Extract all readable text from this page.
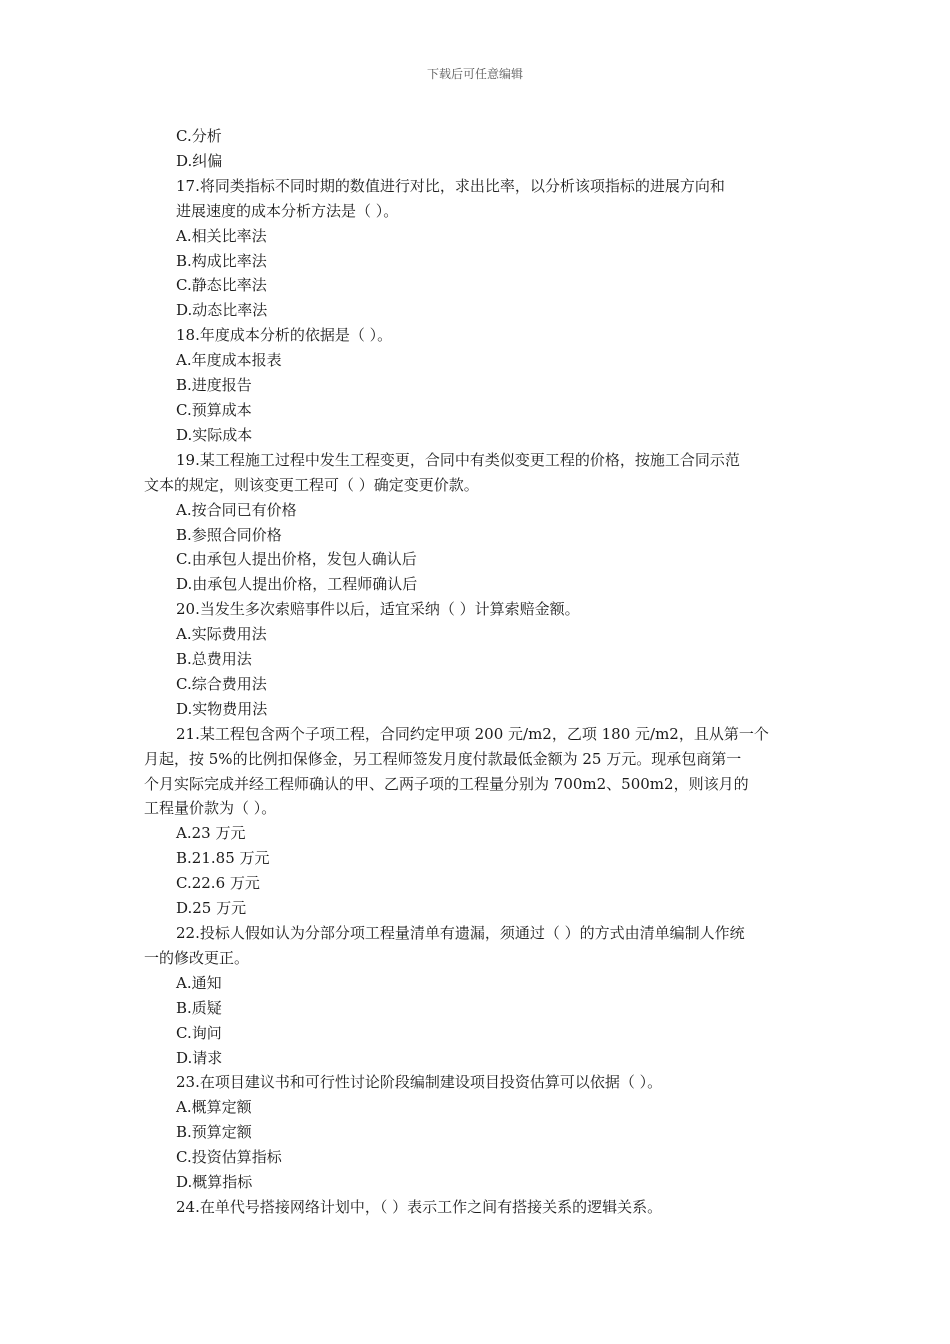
下载后可任意编辑
C.分析
D.纠偏
17.将同类指标不同时期的数值进行对比，求出比率，以分析该项指标的进展方向和
进展速度的成本分析方法是（ ）。
A.相关比率法
B.构成比率法
C.静态比率法
D.动态比率法
18.年度成本分析的依据是（ ）。
A.年度成本报表
B.进度报告
C.预算成本
D.实际成本
19.某工程施工过程中发生工程变更，合同中有类似变更工程的价格，按施工合同示范
文本的规定，则该变更工程可（ ）确定变更价款。
A.按合同已有价格
B.参照合同价格
C.由承包人提出价格，发包人确认后
D.由承包人提出价格，工程师确认后
20.当发生多次索赔事件以后，适宜采纳（ ）计算索赔金额。
A.实际费用法
B.总费用法
C.综合费用法
D.实物费用法
21.某工程包含两个子项工程，合同约定甲项 200 元/m2，乙项 180 元/m2，且从第一个
月起，按 5%的比例扣保修金，另工程师签发月度付款最低金额为 25 万元。现承包商第一
个月实际完成并经工程师确认的甲、乙两子项的工程量分别为 700m2、500m2，则该月的
工程量价款为（ ）。
A.23 万元
B.21.85 万元
C.22.6 万元
D.25 万元
22.投标人假如认为分部分项工程量清单有遗漏，须通过（ ）的方式由清单编制人作统
一的修改更正。
A.通知
B.质疑
C.询问
D.请求
23.在项目建议书和可行性讨论阶段编制建设项目投资估算可以依据（ ）。
A.概算定额
B.预算定额
C.投资估算指标
D.概算指标
24.在单代号搭接网络计划中，（ ）表示工作之间有搭接关系的逻辑关系。
